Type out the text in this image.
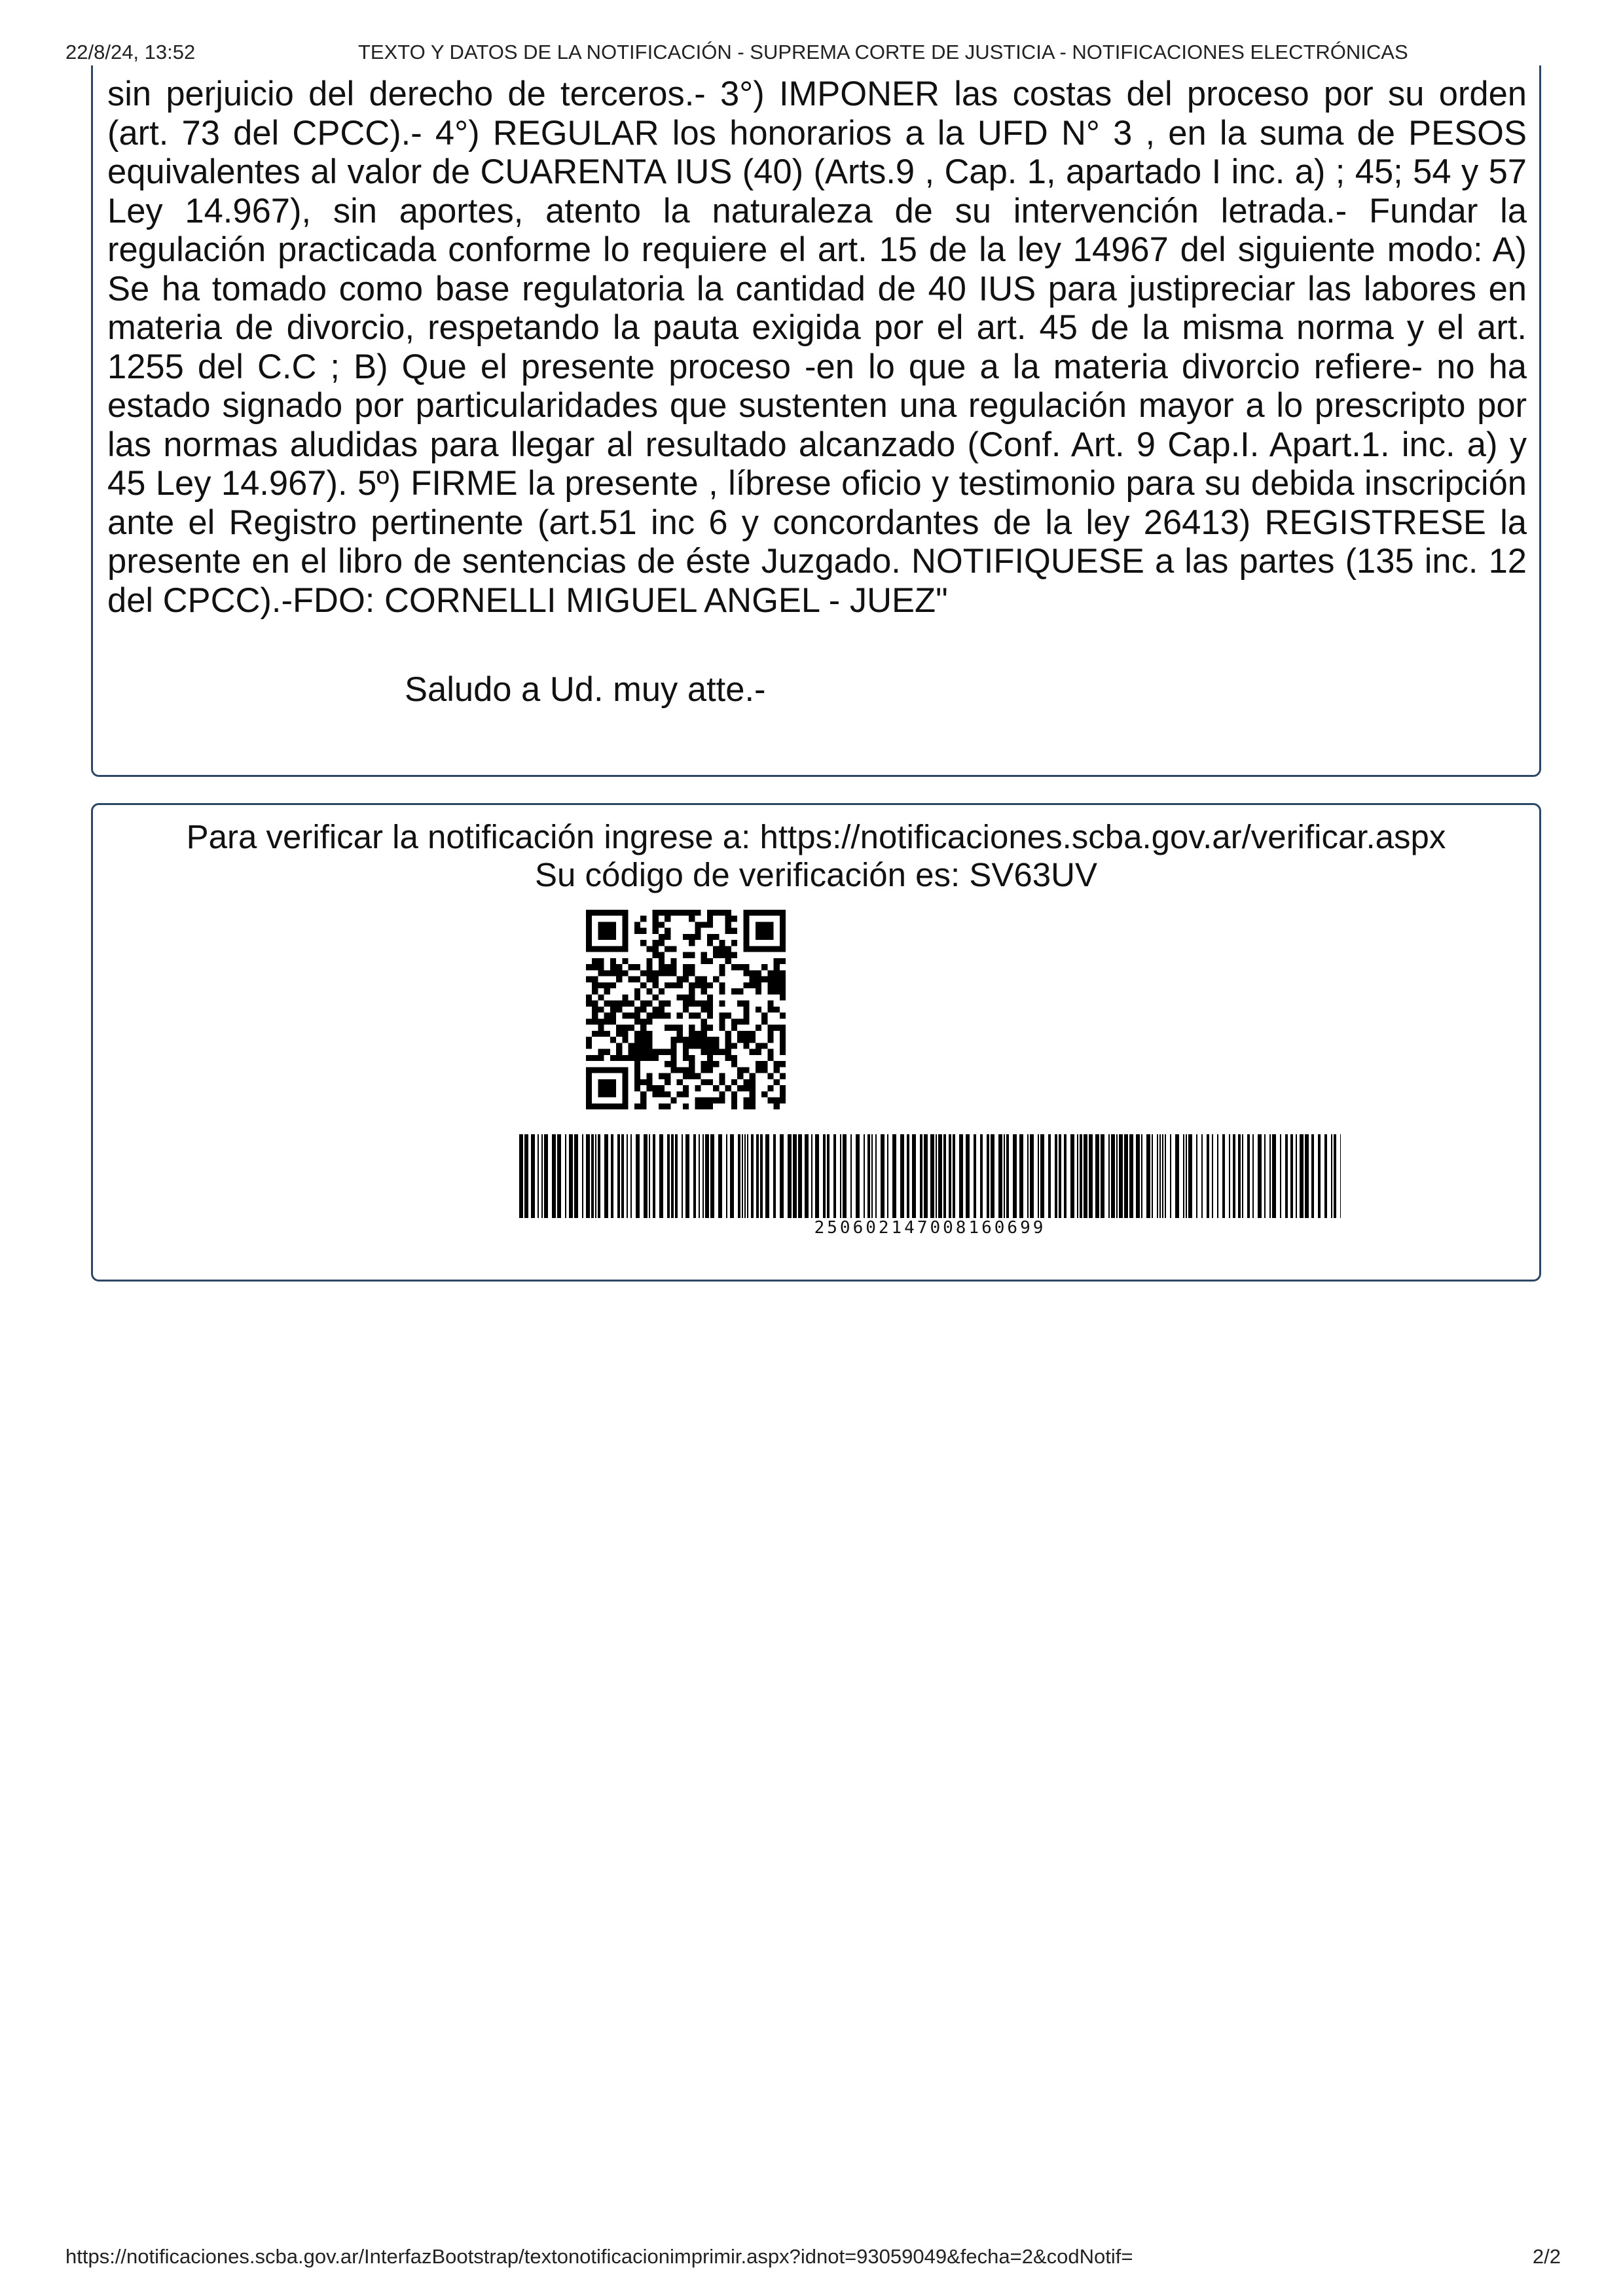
22/8/24, 13:52	TEXTO Y DATOS DE LA NOTIFICACIÓN - SUPREMA CORTE DE JUSTICIA - NOTIFICACIONES ELECTRÓNICAS

sin perjuicio del derecho de terceros.- 3°) IMPONER las costas del proceso por su orden (art. 73 del CPCC).- 4°) REGULAR los honorarios a la UFD N° 3 , en la suma de PESOS equivalentes al valor de CUARENTA IUS (40) (Arts.9 , Cap. 1, apartado I inc. a) ; 45; 54 y 57 Ley 14.967), sin aportes, atento la naturaleza de su intervención letrada.- Fundar la regulación practicada conforme lo requiere el art. 15 de la ley 14967 del siguiente modo: A) Se ha tomado como base regulatoria la cantidad de 40 IUS para justipreciar las labores en materia de divorcio, respetando la pauta exigida por el art. 45 de la misma norma y el art. 1255 del C.C ; B) Que el presente proceso -en lo que a la materia divorcio refiere- no ha estado signado por particularidades que sustenten una regulación mayor a lo prescripto por las normas aludidas para llegar al resultado alcanzado (Conf. Art. 9 Cap.I. Apart.1. inc. a) y 45 Ley 14.967). 5º) FIRME la presente , líbrese oficio y testimonio para su debida inscripción ante el Registro pertinente (art.51 inc 6 y concordantes de la ley 26413) REGISTRESE la presente en el libro de sentencias de éste Juzgado. NOTIFIQUESE a las partes (135 inc. 12 del CPCC).-FDO: CORNELLI MIGUEL ANGEL - JUEZ"

Saludo a Ud. muy atte.-
Para verificar la notificación ingrese a: https://notificaciones.scba.gov.ar/verificar.aspx
Su código de verificación es: SV63UV
250602147008160699
https://notificaciones.scba.gov.ar/InterfazBootstrap/textonotificacionimprimir.aspx?idnot=93059049&fecha=2&codNotif=	2/2
